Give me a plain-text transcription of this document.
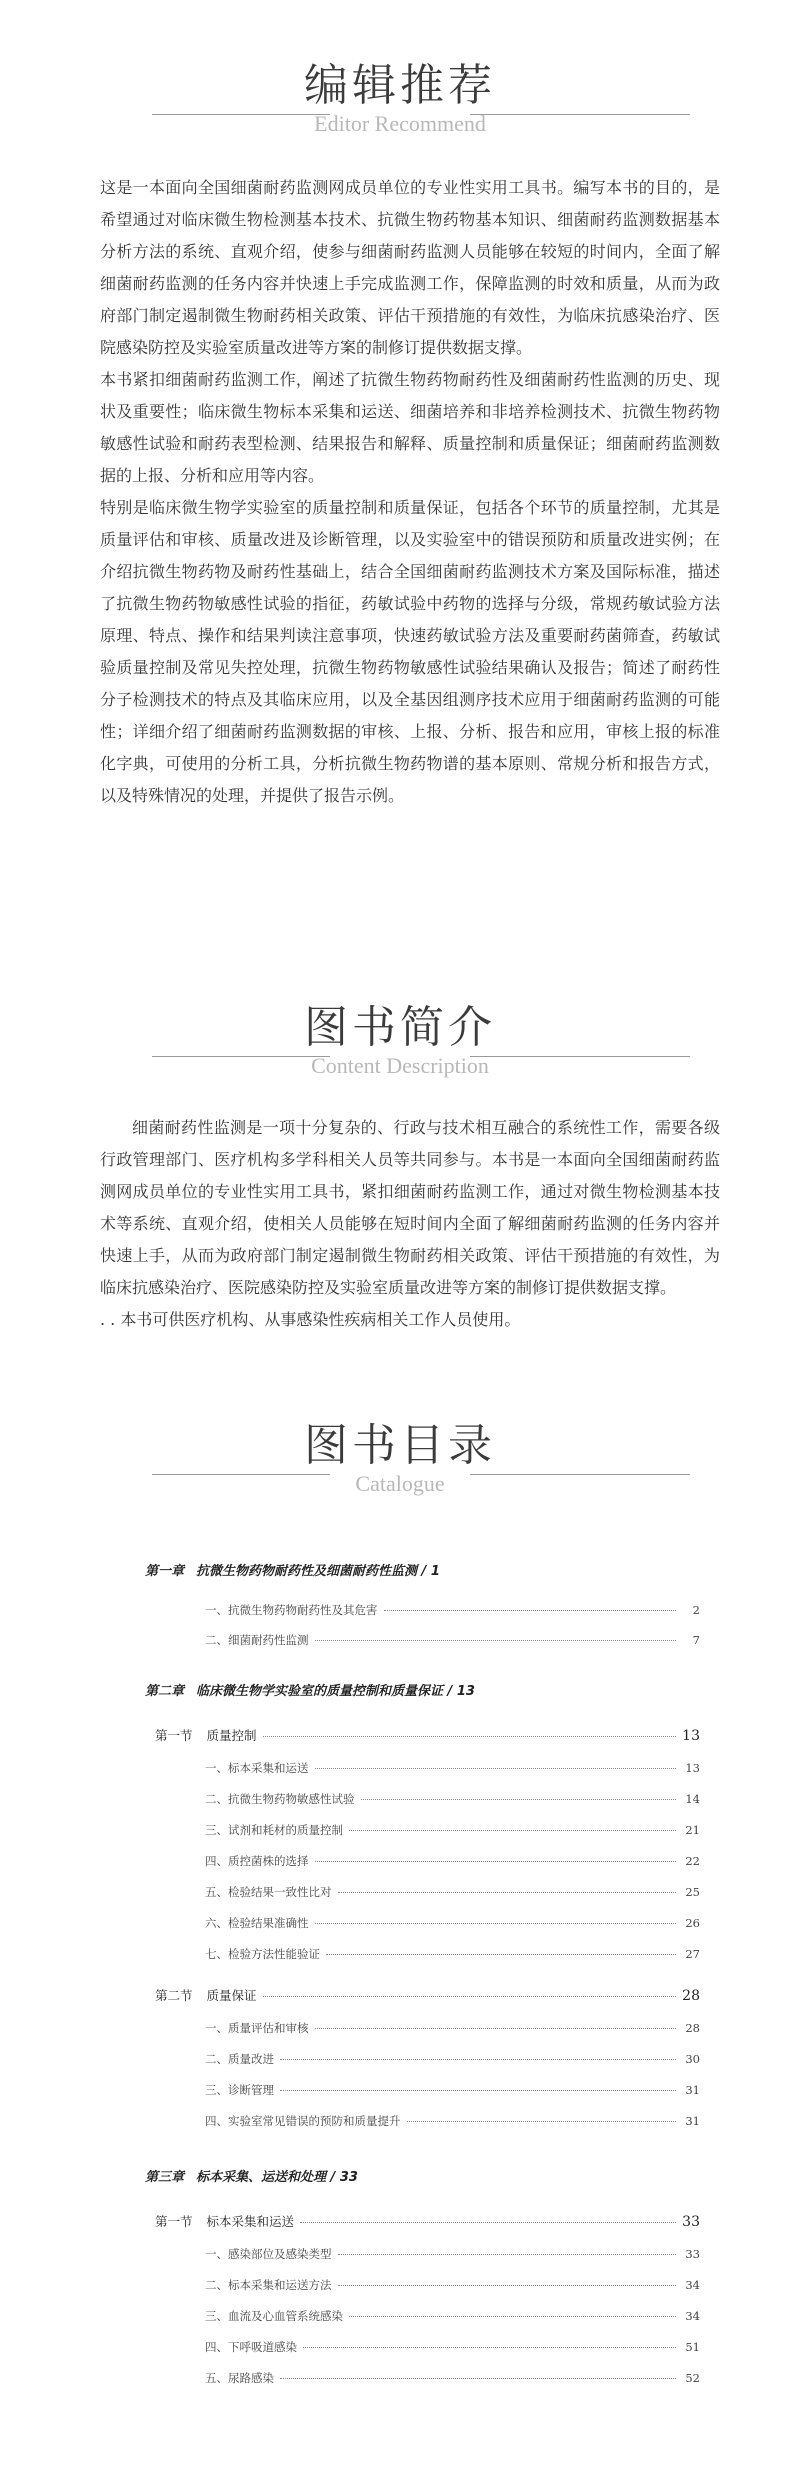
编辑推荐
Editor Recommend

这是一本面向全国细菌耐药监测网成员单位的专业性实用工具书。编写本书的目的，是希望通过对临床微生物检测基本技术、抗微生物药物基本知识、细菌耐药监测数据基本分析方法的系统、直观介绍，使参与细菌耐药监测人员能够在较短的时间内，全面了解细菌耐药监测的任务内容并快速上手完成监测工作，保障监测的时效和质量，从而为政府部门制定遏制微生物耐药相关政策、评估干预措施的有效性，为临床抗感染治疗、医院感染防控及实验室质量改进等方案的制修订提供数据支撑。

本书紧扣细菌耐药监测工作，阐述了抗微生物药物耐药性及细菌耐药性监测的历史、现状及重要性；临床微生物标本采集和运送、细菌培养和非培养检测技术、抗微生物药物敏感性试验和耐药表型检测、结果报告和解释、质量控制和质量保证；细菌耐药监测数据的上报、分析和应用等内容。

特别是临床微生物学实验室的质量控制和质量保证，包括各个环节的质量控制，尤其是质量评估和审核、质量改进及诊断管理，以及实验室中的错误预防和质量改进实例；在介绍抗微生物药物及耐药性基础上，结合全国细菌耐药监测技术方案及国际标准，描述了抗微生物药物敏感性试验的指征，药敏试验中药物的选择与分级，常规药敏试验方法原理、特点、操作和结果判读注意事项，快速药敏试验方法及重要耐药菌筛查，药敏试验质量控制及常见失控处理，抗微生物药物敏感性试验结果确认及报告；简述了耐药性分子检测技术的特点及其临床应用，以及全基因组测序技术应用于细菌耐药监测的可能性；详细介绍了细菌耐药监测数据的审核、上报、分析、报告和应用，审核上报的标准化字典，可使用的分析工具，分析抗微生物药物谱的基本原则、常规分析和报告方式，以及特殊情况的处理，并提供了报告示例。

图书简介
Content Description

细菌耐药性监测是一项十分复杂的、行政与技术相互融合的系统性工作，需要各级行政管理部门、医疗机构多学科相关人员等共同参与。本书是一本面向全国细菌耐药监测网成员单位的专业性实用工具书，紧扣细菌耐药监测工作，通过对微生物检测基本技术等系统、直观介绍，使相关人员能够在短时间内全面了解细菌耐药监测的任务内容并快速上手，从而为政府部门制定遏制微生物耐药相关政策、评估干预措施的有效性，为临床抗感染治疗、医院感染防控及实验室质量改进等方案的制修订提供数据支撑。

. . 本书可供医疗机构、从事感染性疾病相关工作人员使用。

图书目录
Catalogue
第一章 抗微生物药物耐药性及细菌耐药性监测 / 1
一、抗微生物药物耐药性及其危害	2
二、细菌耐药性监测	7
第二章 临床微生物学实验室的质量控制和质量保证 / 13
第一节 质量控制	13
一、标本采集和运送	13
二、抗微生物药物敏感性试验	14
三、试剂和耗材的质量控制	21
四、质控菌株的选择	22
五、检验结果一致性比对	25
六、检验结果准确性	26
七、检验方法性能验证	27
第二节 质量保证	28
一、质量评估和审核	28
二、质量改进	30
三、诊断管理	31
四、实验室常见错误的预防和质量提升	31
第三章 标本采集、运送和处理 / 33
第一节 标本采集和运送	33
一、感染部位及感染类型	33
二、标本采集和运送方法	34
三、血流及心血管系统感染	34
四、下呼吸道感染	51
五、尿路感染	52
